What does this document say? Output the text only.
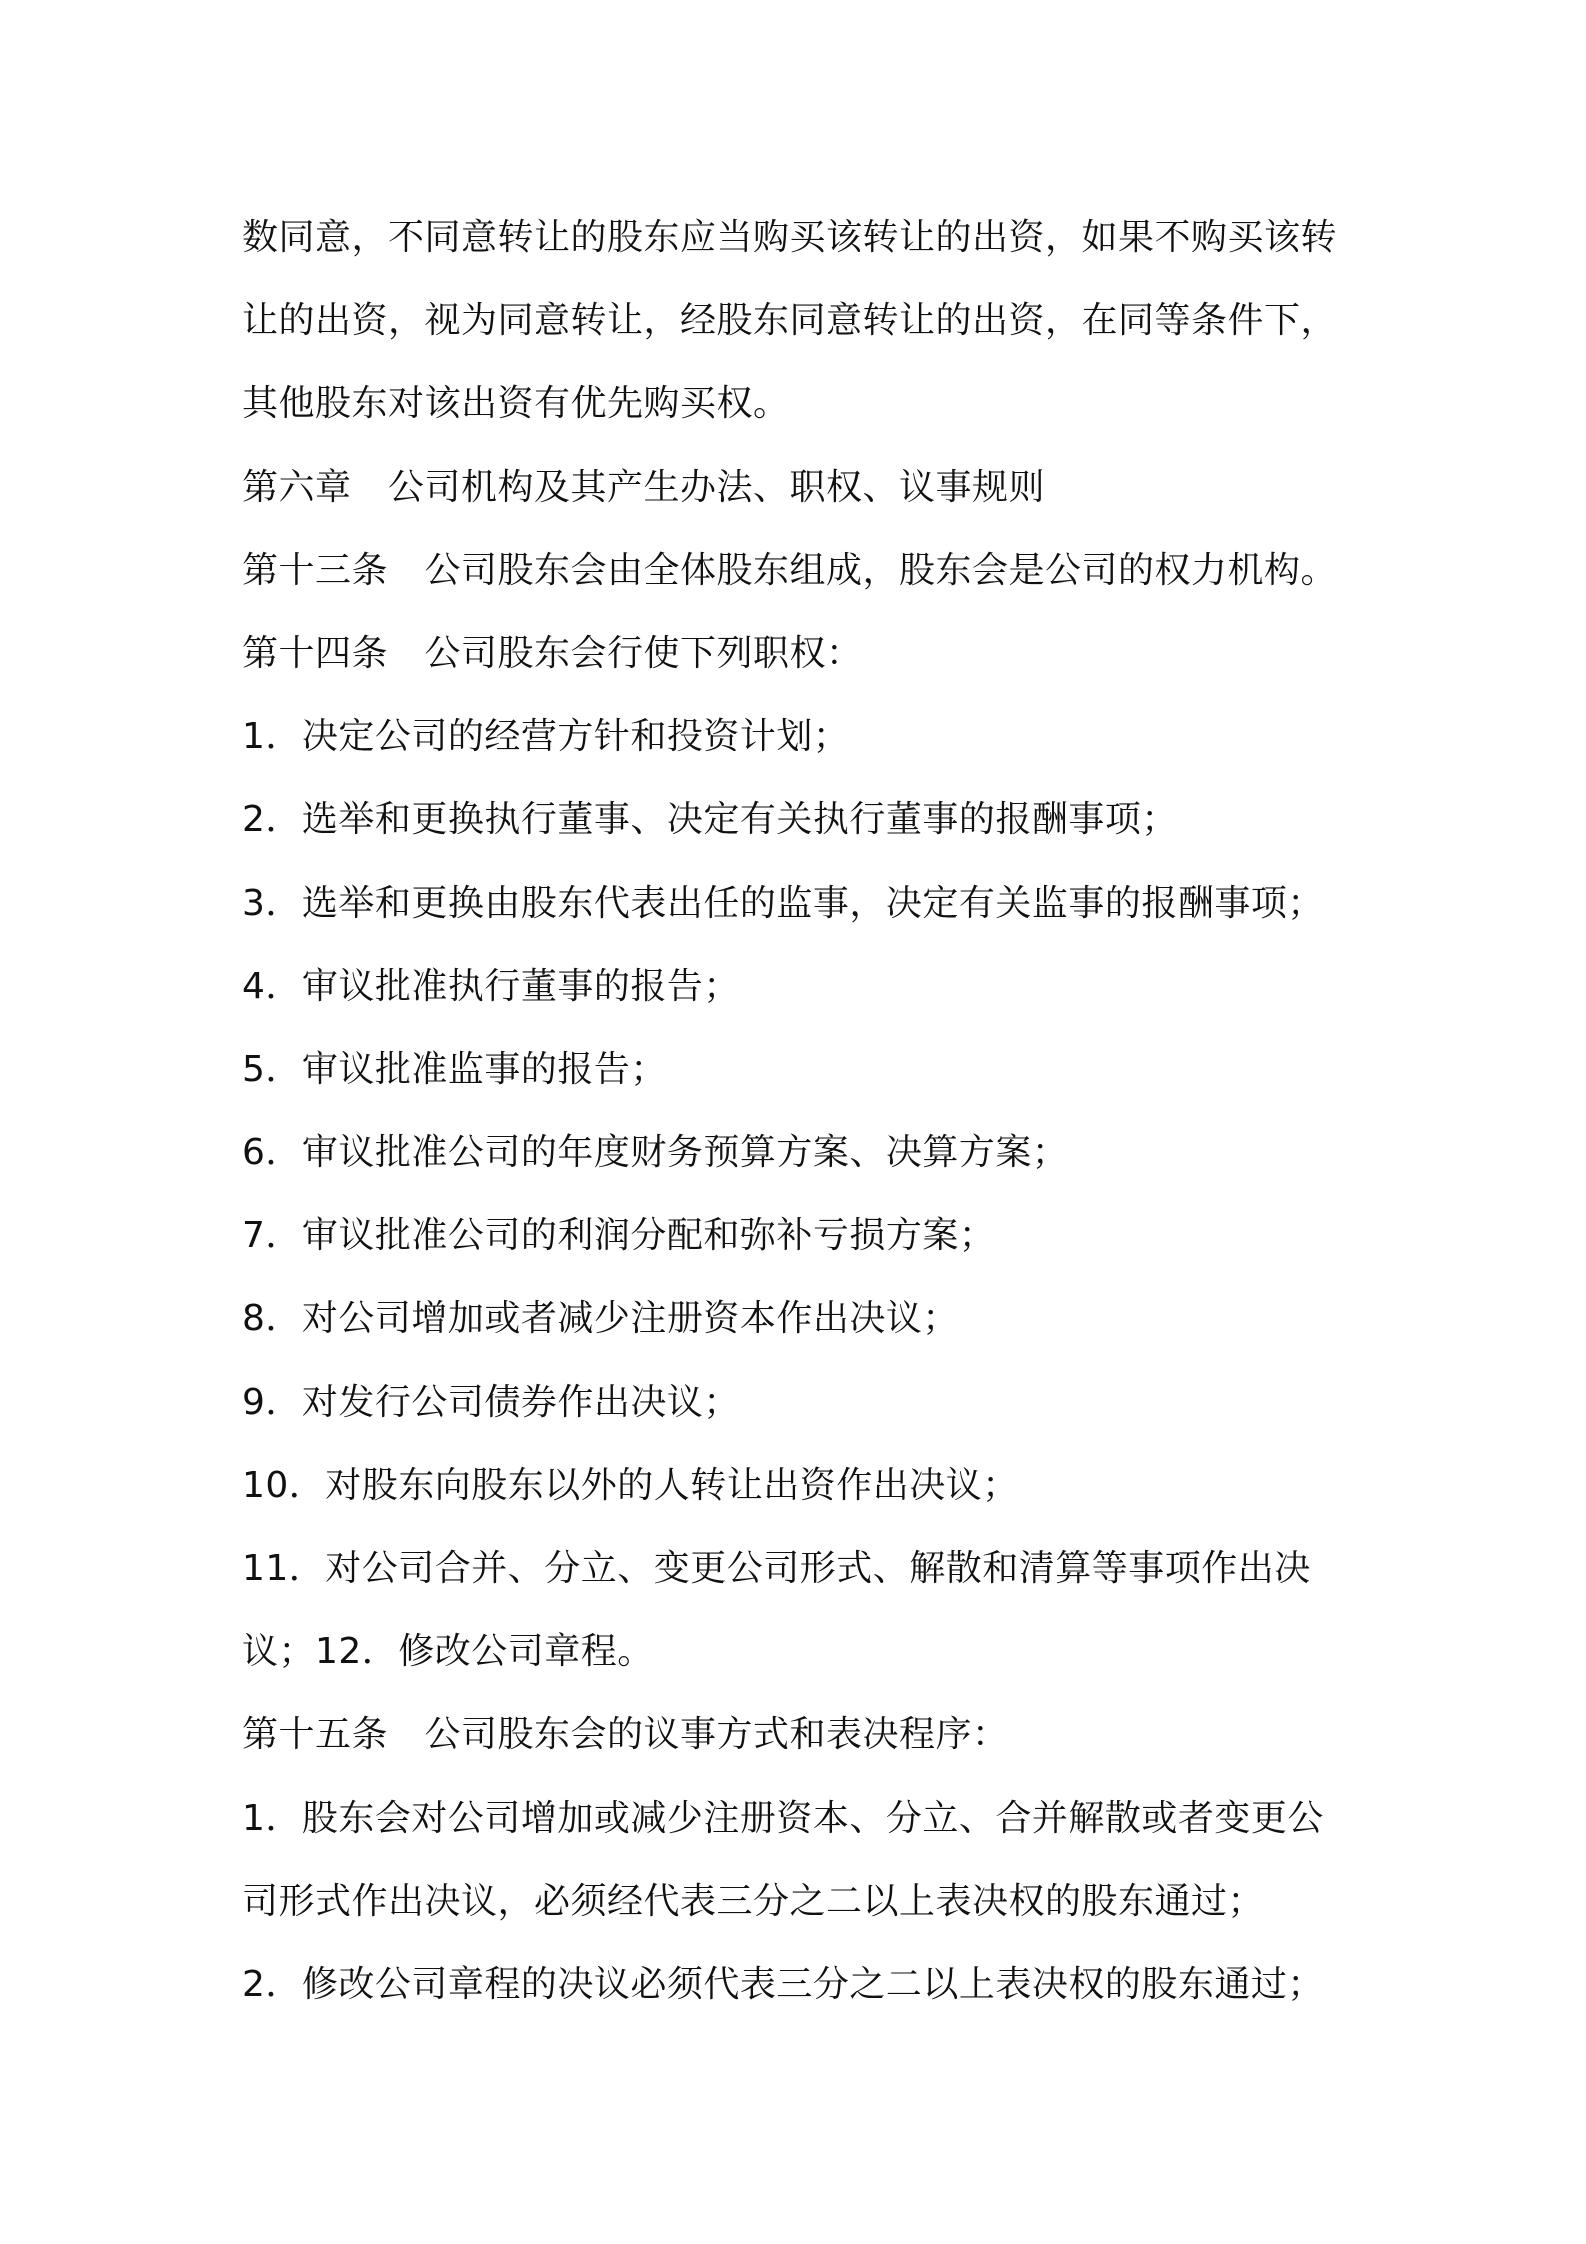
数同意，不同意转让的股东应当购买该转让的出资，如果不购买该转
让的出资，视为同意转让，经股东同意转让的出资，在同等条件下，
其他股东对该出资有优先购买权。
第六章　公司机构及其产生办法、职权、议事规则
第十三条　公司股东会由全体股东组成，股东会是公司的权力机构。
第十四条　公司股东会行使下列职权：
1．决定公司的经营方针和投资计划；
2．选举和更换执行董事、决定有关执行董事的报酬事项；
3．选举和更换由股东代表出任的监事，决定有关监事的报酬事项；
4．审议批准执行董事的报告；
5．审议批准监事的报告；
6．审议批准公司的年度财务预算方案、决算方案；
7．审议批准公司的利润分配和弥补亏损方案；
8．对公司增加或者减少注册资本作出决议；
9．对发行公司债券作出决议；
10．对股东向股东以外的人转让出资作出决议；
11．对公司合并、分立、变更公司形式、解散和清算等事项作出决
议；12．修改公司章程。
第十五条　公司股东会的议事方式和表决程序：
1．股东会对公司增加或减少注册资本、分立、合并解散或者变更公
司形式作出决议，必须经代表三分之二以上表决权的股东通过；
2．修改公司章程的决议必须代表三分之二以上表决权的股东通过；
